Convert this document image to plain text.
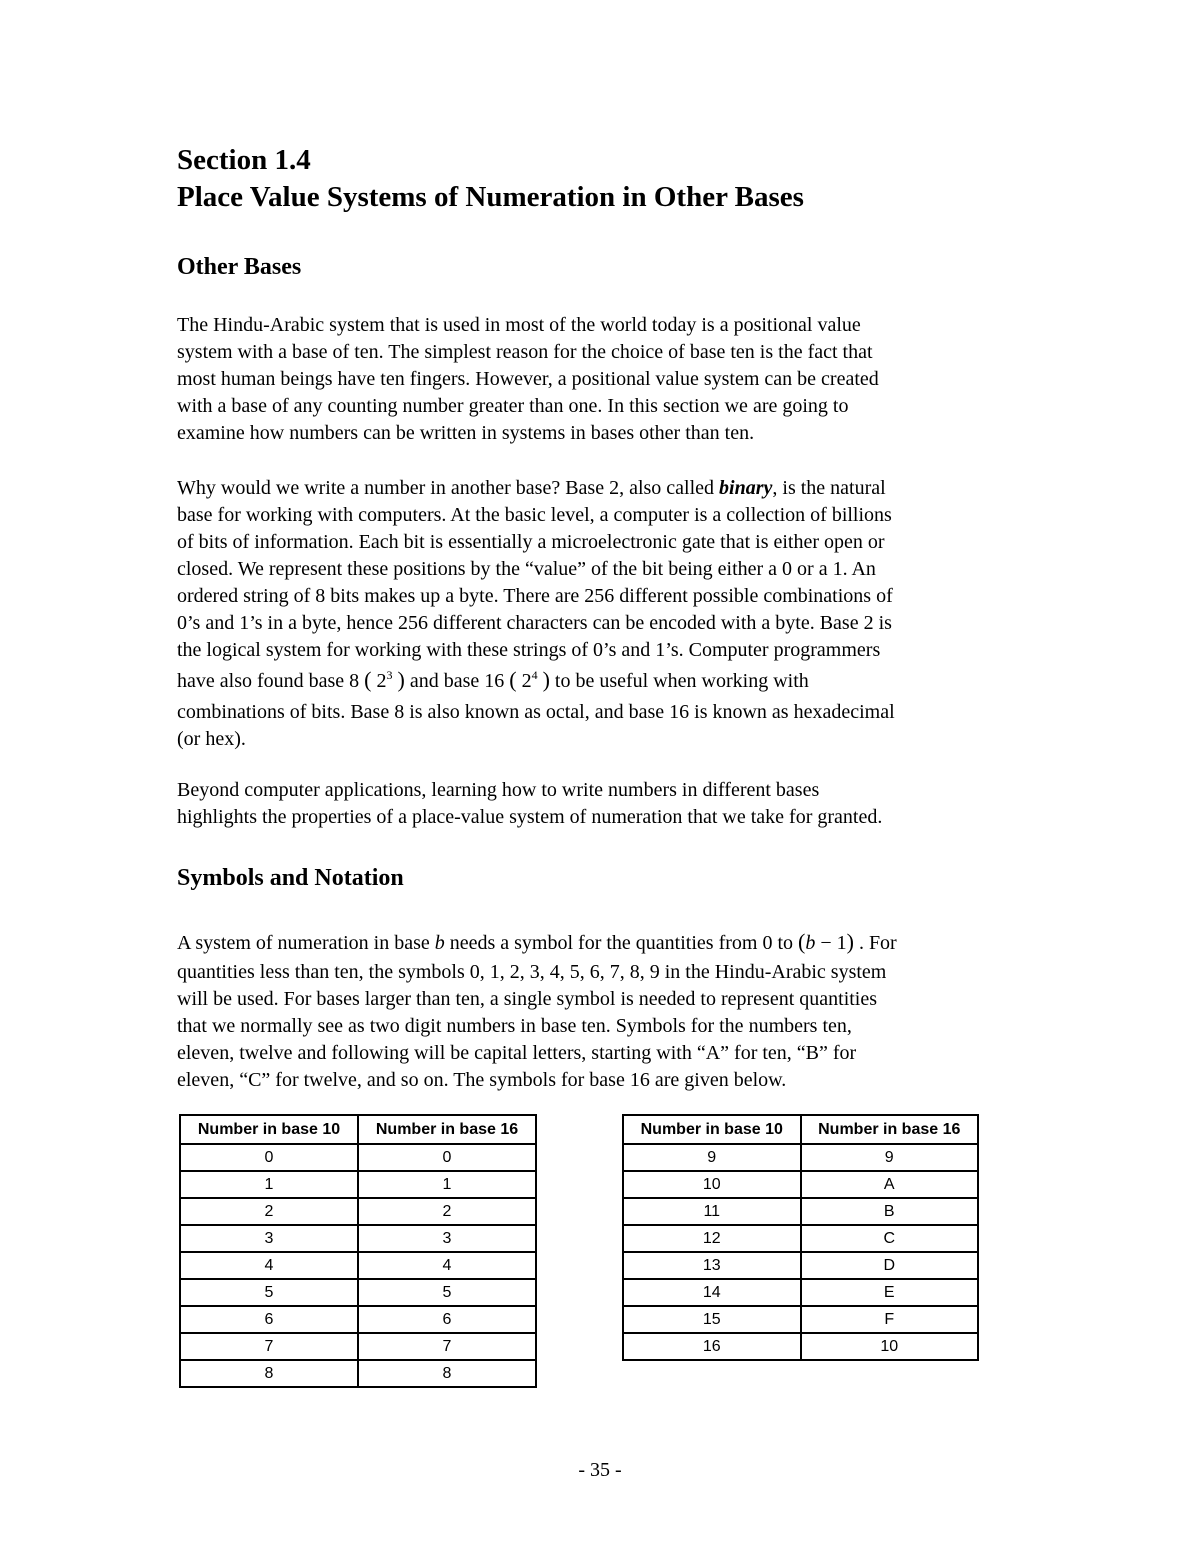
Section 1.4
Place Value Systems of Numeration in Other Bases
Other Bases

The Hindu-Arabic system that is used in most of the world today is a positional value
system with a base of ten. The simplest reason for the choice of base ten is the fact that
most human beings have ten fingers. However, a positional value system can be created
with a base of any counting number greater than one. In this section we are going to
examine how numbers can be written in systems in bases other than ten.

Why would we write a number in another base? Base 2, also called binary, is the natural
base for working with computers. At the basic level, a computer is a collection of billions
of bits of information. Each bit is essentially a microelectronic gate that is either open or
closed. We represent these positions by the “value” of the bit being either a 0 or a 1. An
ordered string of 8 bits makes up a byte. There are 256 different possible combinations of
0’s and 1’s in a byte, hence 256 different characters can be encoded with a byte. Base 2 is
the logical system for working with these strings of 0’s and 1’s. Computer programmers
have also found base 8 ( $2^3$ ) and base 16 ( $2^4$ ) to be useful when working with
combinations of bits. Base 8 is also known as octal, and base 16 is known as hexadecimal
(or hex).

Beyond computer applications, learning how to write numbers in different bases
highlights the properties of a place-value system of numeration that we take for granted.

Symbols and Notation

A system of numeration in base b needs a symbol for the quantities from 0 to (b − 1) . For
quantities less than ten, the symbols 0, 1, 2, 3, 4, 5, 6, 7, 8, 9 in the Hindu-Arabic system
will be used. For bases larger than ten, a single symbol is needed to represent quantities
that we normally see as two digit numbers in base ten. Symbols for the numbers ten,
eleven, twelve and following will be capital letters, starting with “A” for ten, “B” for
eleven, “C” for twelve, and so on. The symbols for base 16 are given below.

Number in base 10	Number in base 16
0	0
1	1
2	2
3	3
4	4
5	5
6	6
7	7
8	8
Number in base 10	Number in base 16
9	9
10	A
11	B
12	C
13	D
14	E
15	F
16	10
- 35 -
